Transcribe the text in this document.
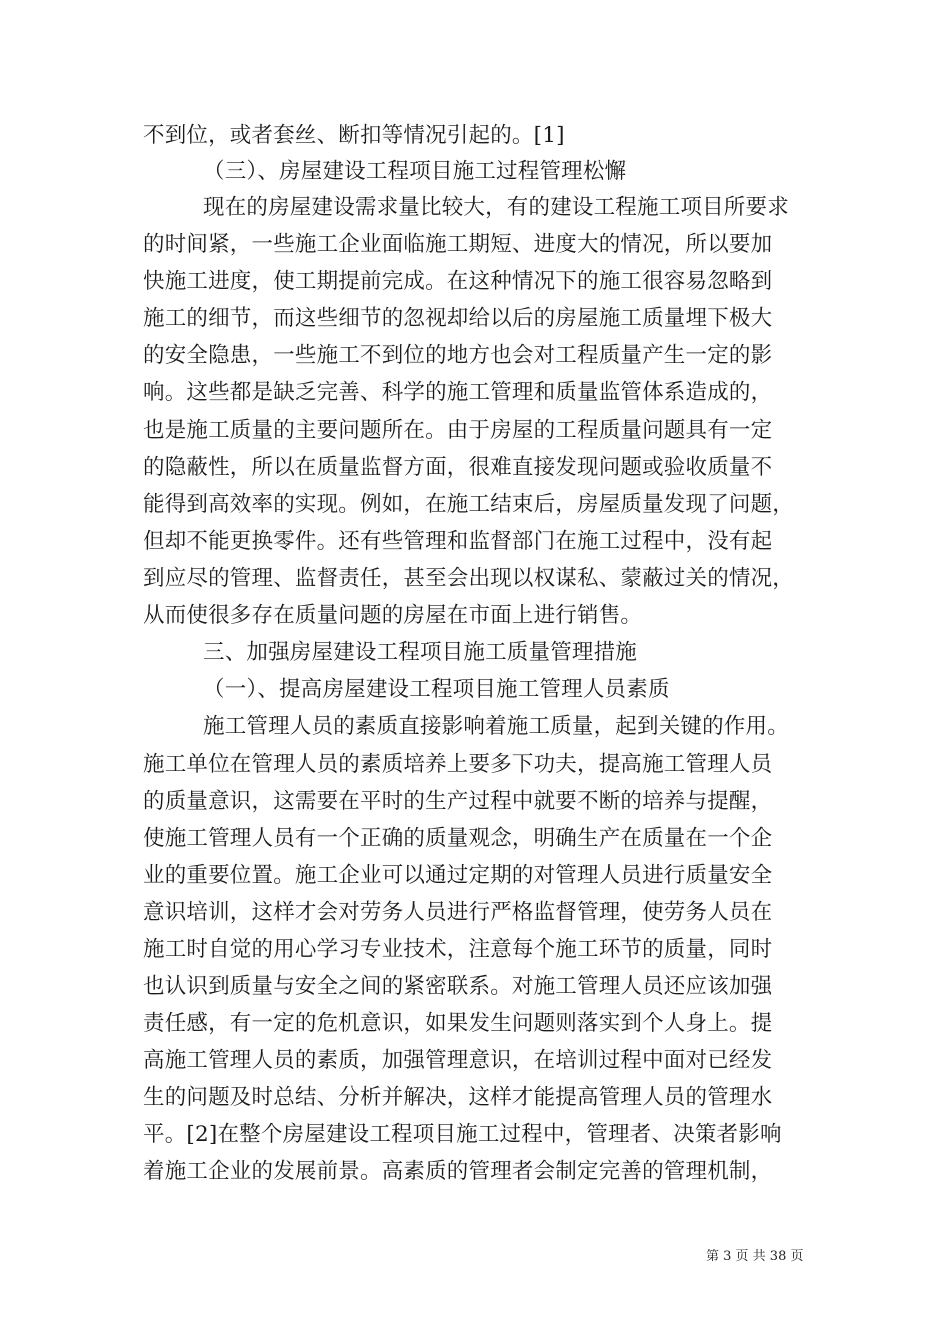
不到位，或者套丝、断扣等情况引起的。[1]
（三）、房屋建设工程项目施工过程管理松懈
现在的房屋建设需求量比较大，有的建设工程施工项目所要求
的时间紧，一些施工企业面临施工期短、进度大的情况，所以要加
快施工进度，使工期提前完成。在这种情况下的施工很容易忽略到
施工的细节，而这些细节的忽视却给以后的房屋施工质量埋下极大
的安全隐患，一些施工不到位的地方也会对工程质量产生一定的影
响。这些都是缺乏完善、科学的施工管理和质量监管体系造成的，
也是施工质量的主要问题所在。由于房屋的工程质量问题具有一定
的隐蔽性，所以在质量监督方面，很难直接发现问题或验收质量不
能得到高效率的实现。例如，在施工结束后，房屋质量发现了问题，
但却不能更换零件。还有些管理和监督部门在施工过程中，没有起
到应尽的管理、监督责任，甚至会出现以权谋私、蒙蔽过关的情况，
从而使很多存在质量问题的房屋在市面上进行销售。
三、加强房屋建设工程项目施工质量管理措施
（一）、提高房屋建设工程项目施工管理人员素质
施工管理人员的素质直接影响着施工质量，起到关键的作用。
施工单位在管理人员的素质培养上要多下功夫，提高施工管理人员
的质量意识，这需要在平时的生产过程中就要不断的培养与提醒，
使施工管理人员有一个正确的质量观念，明确生产在质量在一个企
业的重要位置。施工企业可以通过定期的对管理人员进行质量安全
意识培训，这样才会对劳务人员进行严格监督管理，使劳务人员在
施工时自觉的用心学习专业技术，注意每个施工环节的质量，同时
也认识到质量与安全之间的紧密联系。对施工管理人员还应该加强
责任感，有一定的危机意识，如果发生问题则落实到个人身上。提
高施工管理人员的素质，加强管理意识，在培训过程中面对已经发
生的问题及时总结、分析并解决，这样才能提高管理人员的管理水
平。[2]在整个房屋建设工程项目施工过程中，管理者、决策者影响
着施工企业的发展前景。高素质的管理者会制定完善的管理机制，
第 3 页 共 38 页
